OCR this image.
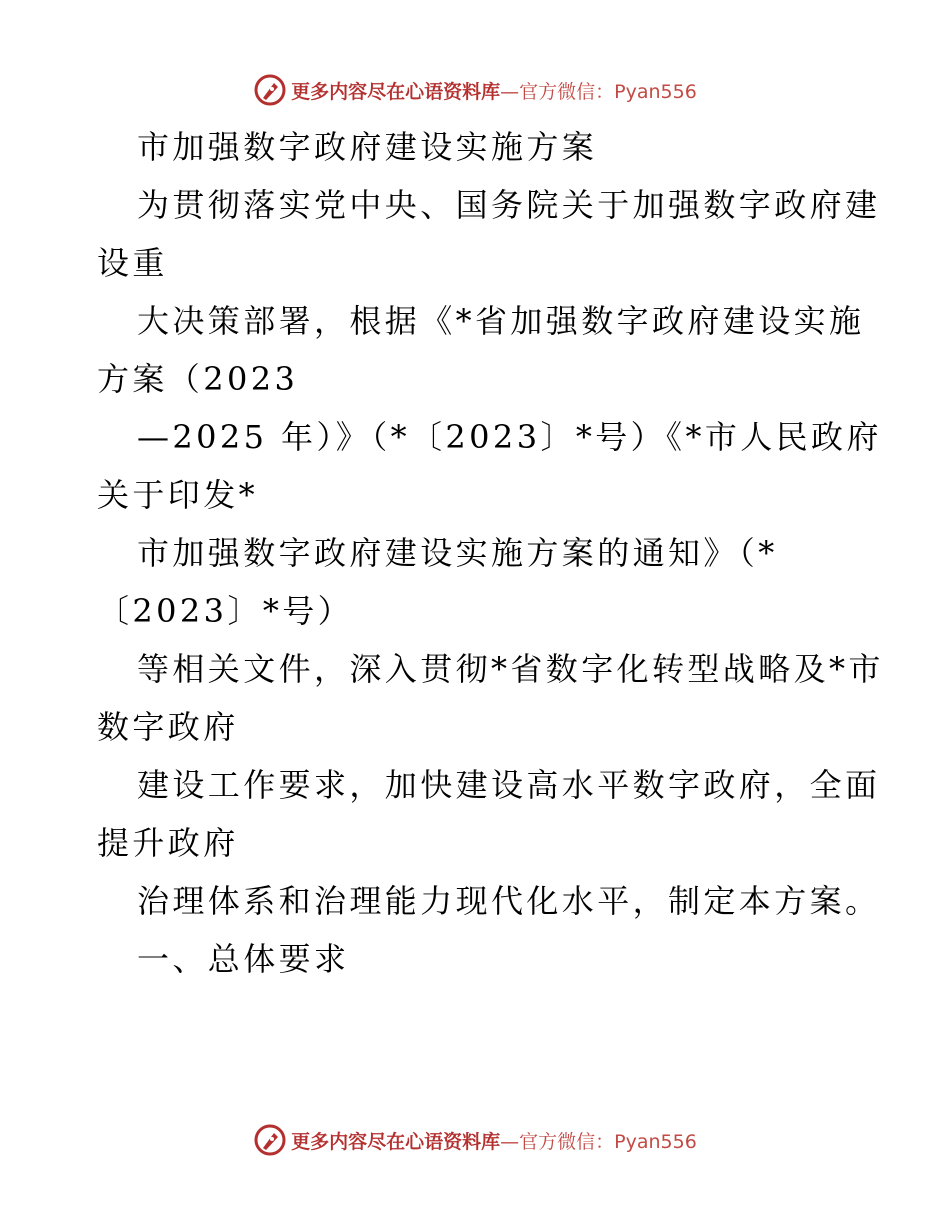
更多内容尽在心语资料库—官方微信：Pyan556
市加强数字政府建设实施方案
为贯彻落实党中央、国务院关于加强数字政府建
设重
大决策部署，根据《*省加强数字政府建设实施
方案（2023
—2025 年）》（*〔2023〕*号）《*市人民政府
关于印发*
市加强数字政府建设实施方案的通知》（*
〔2023〕*号）
等相关文件，深入贯彻*省数字化转型战略及*市
数字政府
建设工作要求，加快建设高水平数字政府，全面
提升政府
治理体系和治理能力现代化水平，制定本方案。
一、总体要求
更多内容尽在心语资料库—官方微信：Pyan556
